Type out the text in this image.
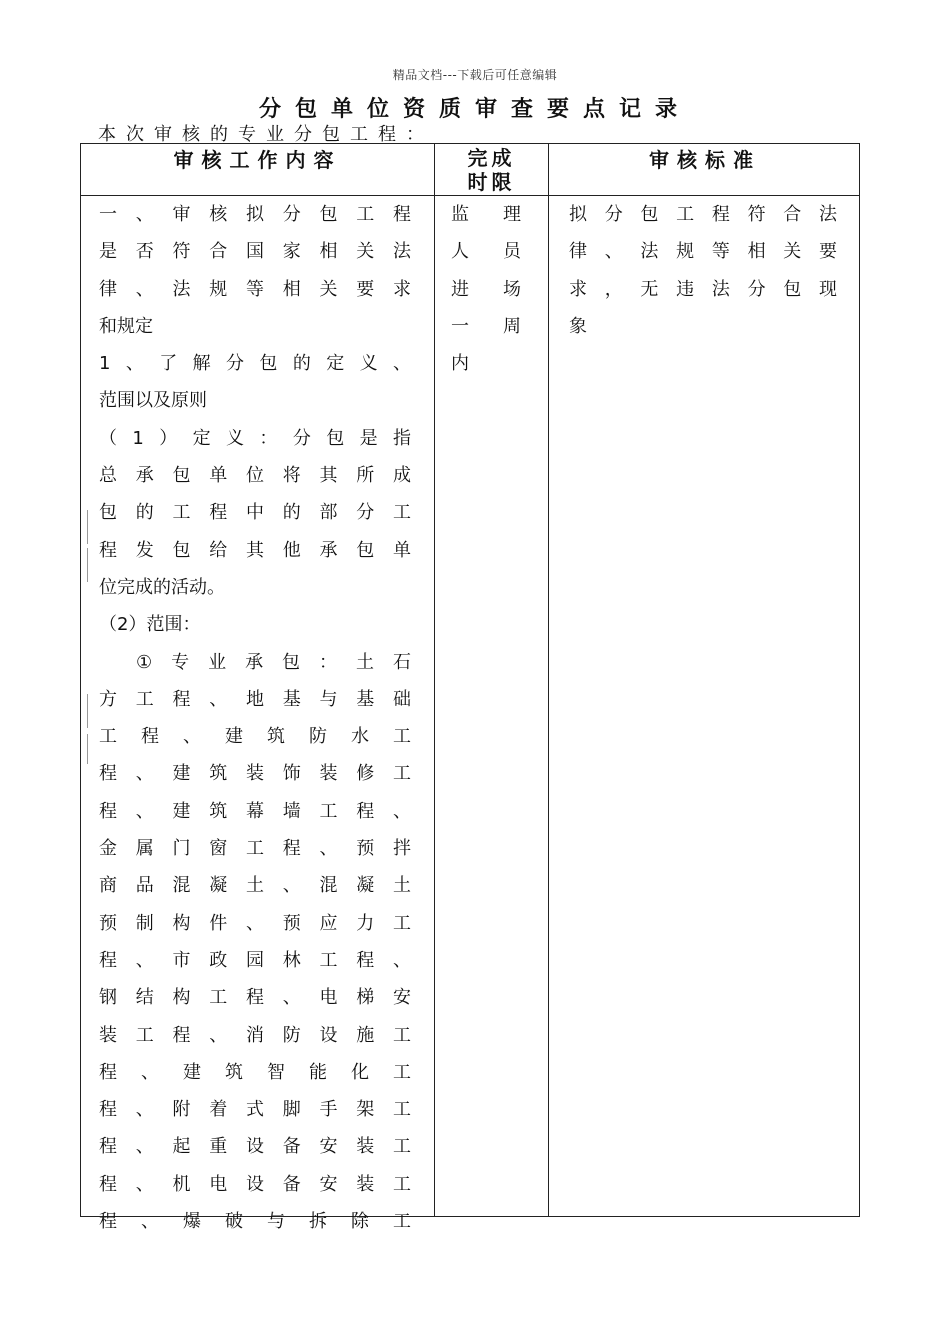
精品文档---下载后可任意编辑
分包单位资质审查要点记录
本次审核的专业分包工程：
审核工作内容	完成
时限
审核标准
一、审核拟分包工程
是否符合国家相关法
律、法规等相关要求
和规定
1、了解分包的定义、
范围以及原则
（1）定义：分包是指
总承包单位将其所成
包的工程中的部分工
程发包给其他承包单
位完成的活动。
（2）范围：
　①专业承包：土石
方工程、地基与基础
工程、建筑防水工
程、建筑装饰装修工
程、建筑幕墙工程、
金属门窗工程、预拌
商品混凝土、混凝土
预制构件、预应力工
程、市政园林工程、
钢结构工程、电梯安
装工程、消防设施工
程、建筑智能化工
程、附着式脚手架工
程、起重设备安装工
程、机电设备安装工
程、爆破与拆除工
监理
人员
进场
一周
内
拟分包工程符合法
律、法规等相关要
求，无违法分包现
象
